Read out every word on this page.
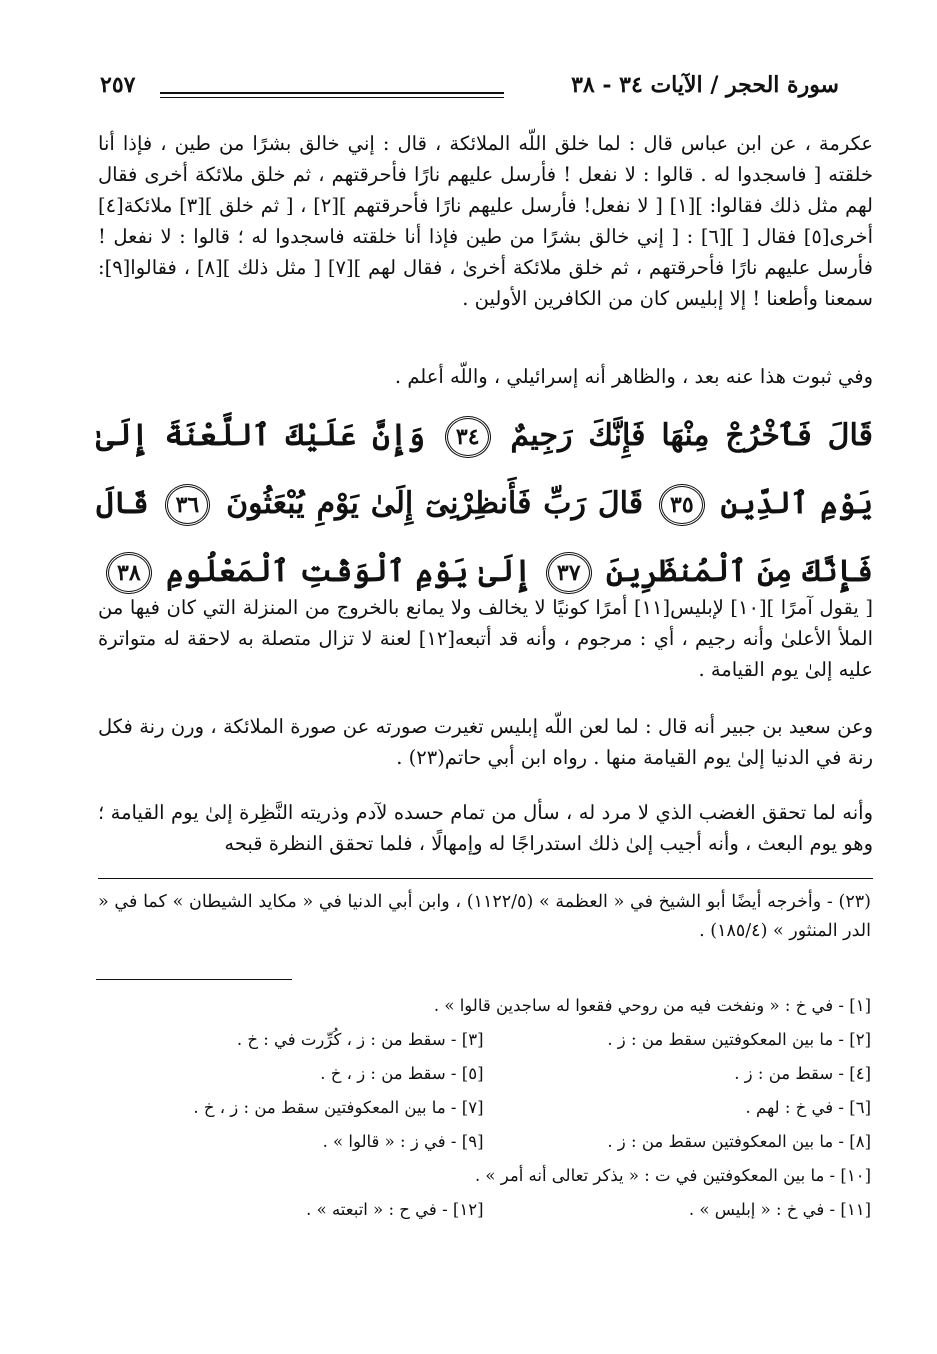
سورة الحجر / الآيات ٣٤ - ٣٨
٢٥٧
عكرمة ، عن ابن عباس قال : لما خلق اللّه الملائكة ، قال : إني خالق بشرًا من طين ، فإذا أنا خلقته [ فاسجدوا له . قالوا : لا نفعل ! فأرسل عليهم نارًا فأحرقتهم ، ثم خلق ملائكة أخرى فقال لهم مثل ذلك فقالوا: ][١] [ لا نفعل! فأرسل عليهم نارًا فأحرقتهم ][٢] ، [ ثم خلق ][٣] ملائكة[٤] أخرى[٥] فقال [ ][٦] : [ إني خالق بشرًا من طين فإذا أنا خلقته فاسجدوا له ؛ قالوا : لا نفعل ! فأرسل عليهم نارًا فأحرقتهم ، ثم خلق ملائكة أخرىٰ ، فقال لهم ][٧] [ مثل ذلك ][٨] ، فقالوا[٩]: سمعنا وأطعنا ! إلا إبليس كان من الكافرين الأولين .
وفي ثبوت هذا عنه بعد ، والظاهر أنه إسرائيلي ، واللّه أعلم .
قَالَ فَٱخْرُجْ مِنْهَا فَإِنَّكَ رَجِيمٌ ٣٤ وَإِنَّ عَلَيْكَ ٱللَّعْنَةَ إِلَىٰ يَوْمِ ٱلدِّينِ ٣٥ قَالَ رَبِّ فَأَنظِرْنِىٓ إِلَىٰ يَوْمِ يُبْعَثُونَ ٣٦ قَالَ فَإِنَّكَ مِنَ ٱلْمُنظَرِينَ ٣٧ إِلَىٰ يَوْمِ ٱلْوَقْتِ ٱلْمَعْلُومِ ٣٨
[ يقول آمرًا ][١٠] لإبليس[١١] أمرًا كونيًا لا يخالف ولا يمانع بالخروج من المنزلة التي كان فيها من الملأ الأعلىٰ وأنه رجيم ، أي : مرجوم ، وأنه قد أتبعه[١٢] لعنة لا تزال متصلة به لاحقة له متواترة عليه إلىٰ يوم القيامة .
وعن سعيد بن جبير أنه قال : لما لعن اللّه إبليس تغيرت صورته عن صورة الملائكة ، ورن رنة فكل رنة في الدنيا إلىٰ يوم القيامة منها . رواه ابن أبي حاتم(٢٣) .
وأنه لما تحقق الغضب الذي لا مرد له ، سأل من تمام حسده لآدم وذريته النَّظِرة إلىٰ يوم القيامة ؛ وهو يوم البعث ، وأنه أجيب إلىٰ ذلك استدراجًا له وإمهالًا ، فلما تحقق النظرة قبحه
(٢٣) - وأخرجه أيضًا أبو الشيخ في « العظمة » (١١٢٢/٥) ، وابن أبي الدنيا في « مكايد الشيطان » كما في « الدر المنثور » (١٨٥/٤) .
[١] - في خ : « ونفخت فيه من روحي فقعوا له ساجدين قالوا » .
[٢] - ما بين المعكوفتين سقط من : ز .
[٣] - سقط من : ز ، كُرِّرت في : خ .
[٤] - سقط من : ز .
[٥] - سقط من : ز ، خ .
[٦] - في خ : لهم .
[٧] - ما بين المعكوفتين سقط من : ز ، خ .
[٨] - ما بين المعكوفتين سقط من : ز .
[٩] - في ز : « قالوا » .
[١٠] - ما بين المعكوفتين في ت : « يذكر تعالى أنه أمر » .
[١١] - في خ : « إبليس » .
[١٢] - في ح : « اتبعته » .
